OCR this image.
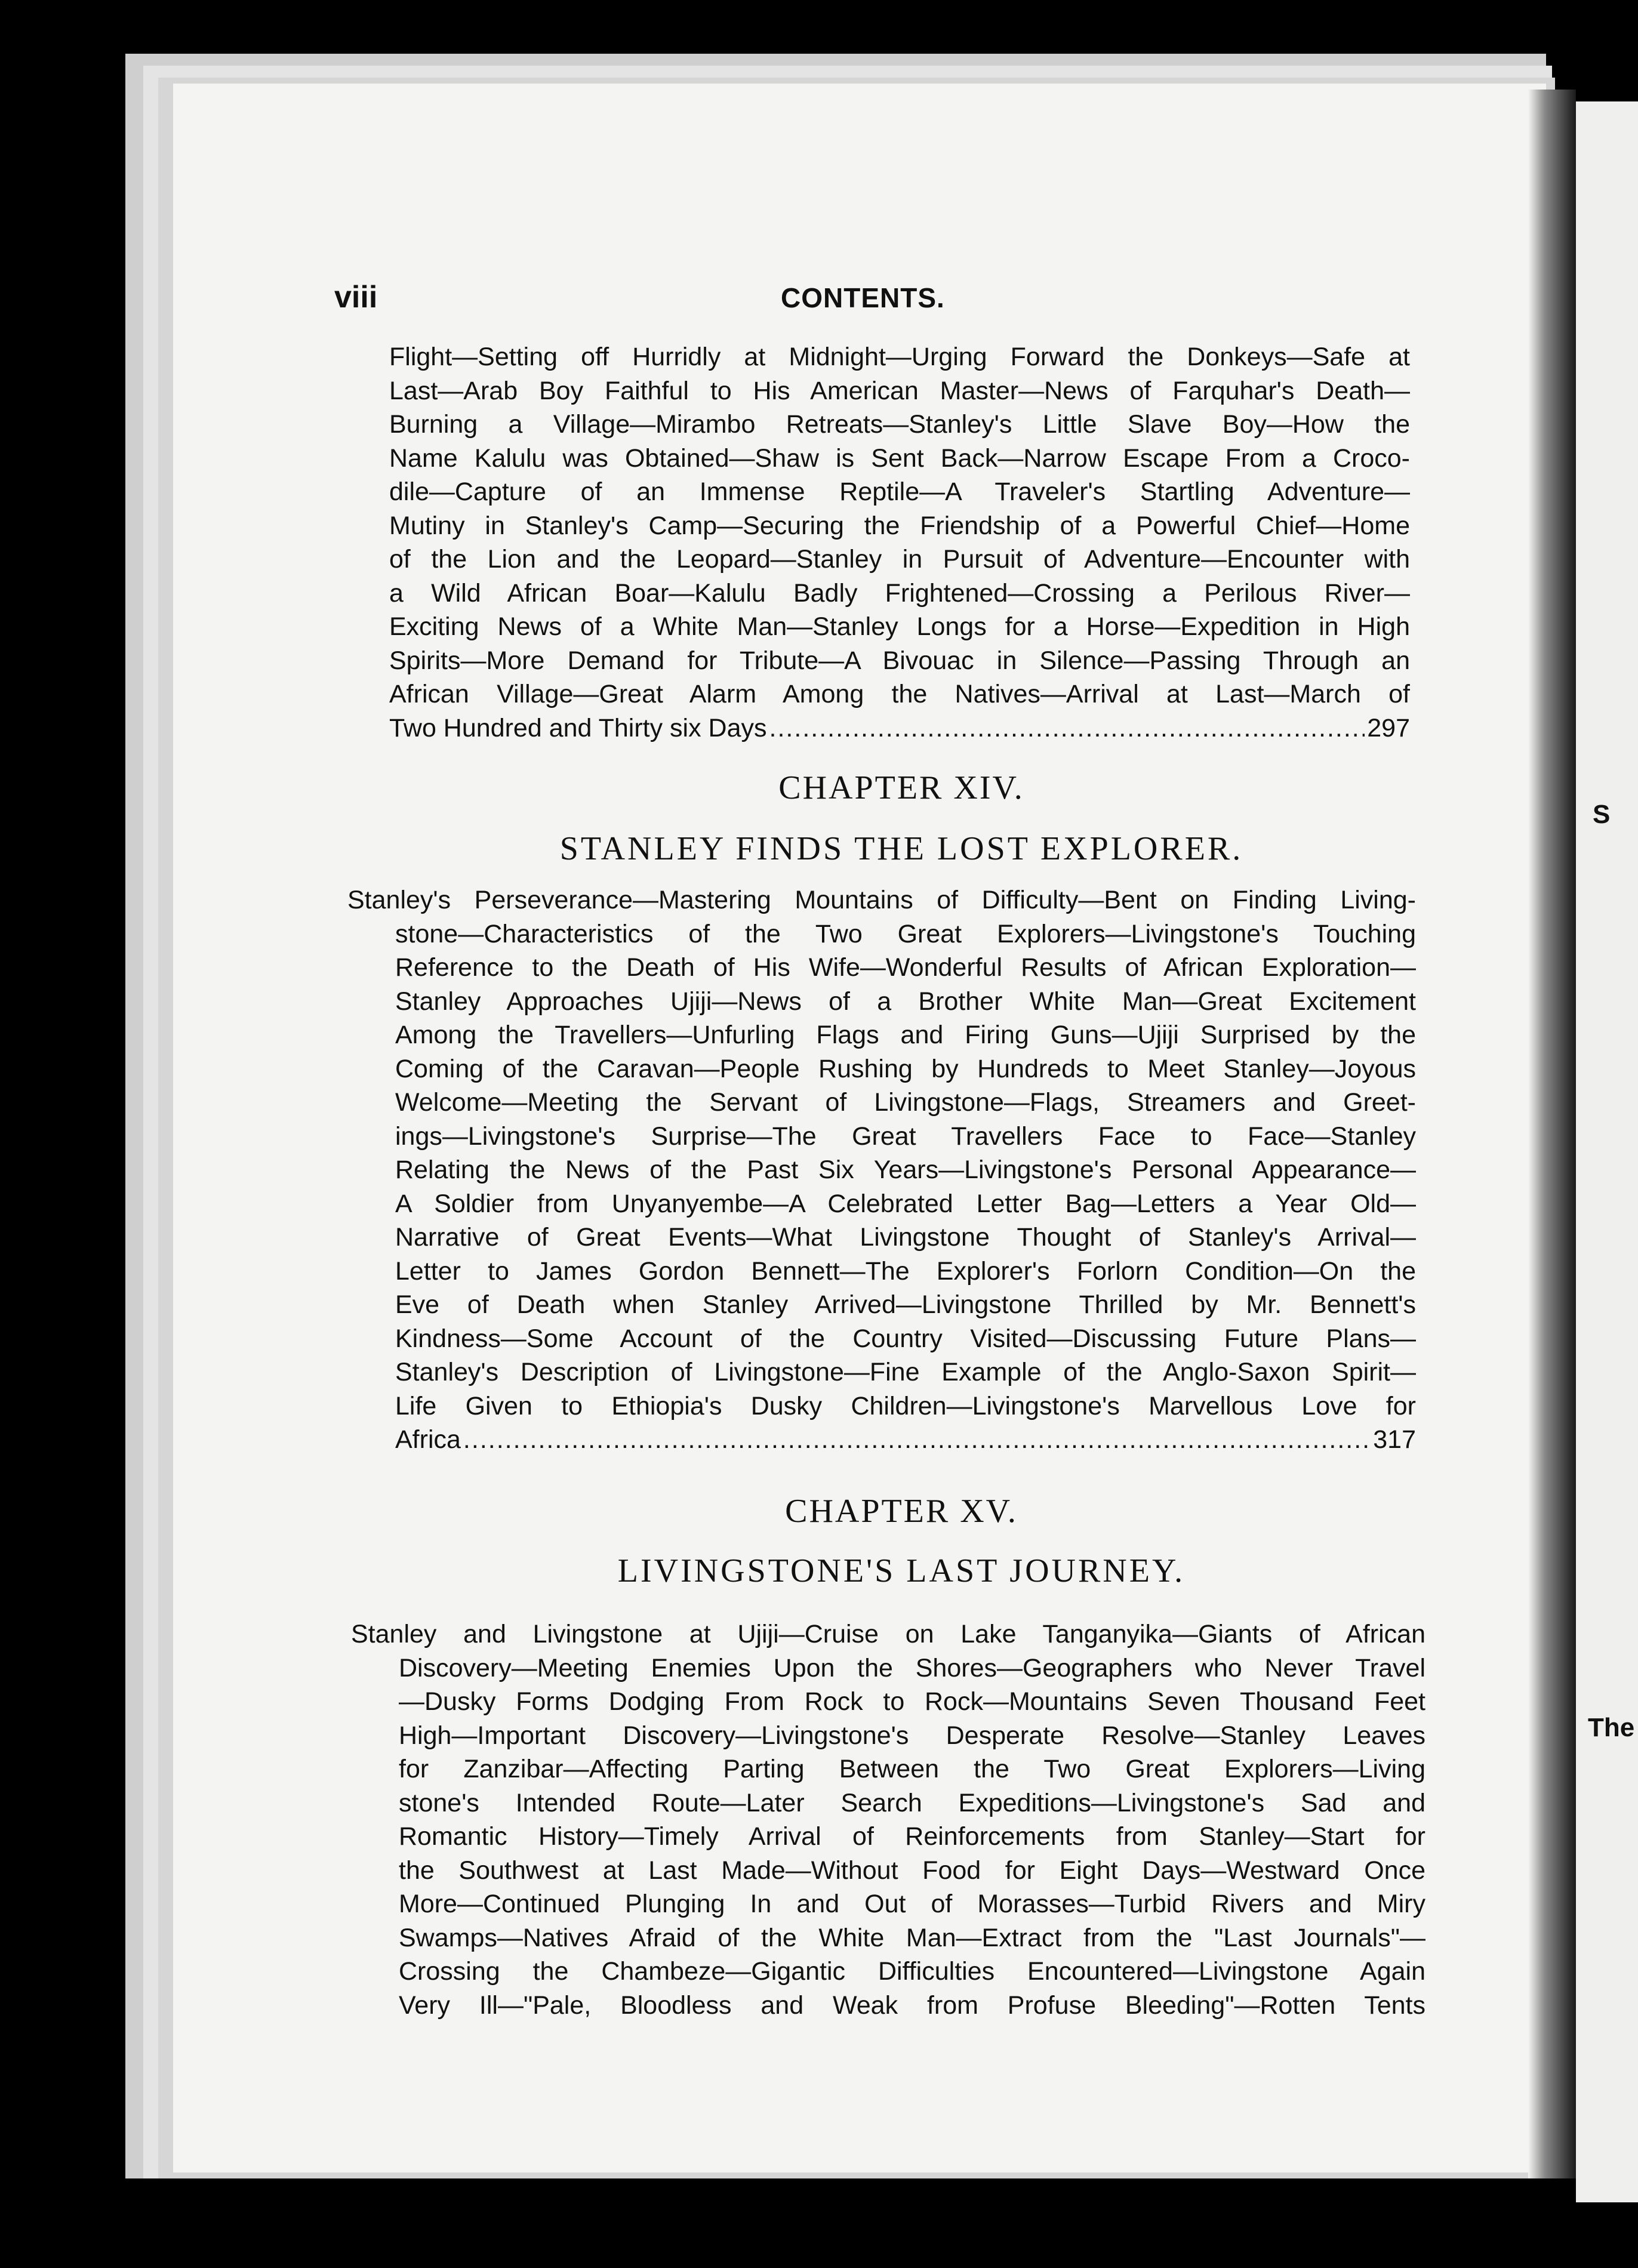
S
The
viii	CONTENTS.
Flight—Setting off Hurridly at Midnight—Urging Forward the Donkeys—Safe at
Last—Arab Boy Faithful to His American Master—News of Farquhar's Death—
Burning a Village—Mirambo Retreats—Stanley's Little Slave Boy—How the
Name Kalulu was Obtained—Shaw is Sent Back—Narrow Escape From a Croco-
dile—Capture of an Immense Reptile—A Traveler's Startling Adventure—
Mutiny in Stanley's Camp—Securing the Friendship of a Powerful Chief—Home
of the Lion and the Leopard—Stanley in Pursuit of Adventure—Encounter with
a Wild African Boar—Kalulu Badly Frightened—Crossing a Perilous River—
Exciting News of a White Man—Stanley Longs for a Horse—Expedition in High
Spirits—More Demand for Tribute—A Bivouac in Silence—Passing Through an
African Village—Great Alarm Among the Natives—Arrival at Last—March of
Two Hundred and Thirty six Days .....	297
CHAPTER XIV.
STANLEY FINDS THE LOST EXPLORER.
Stanley's Perseverance—Mastering Mountains of Difficulty—Bent on Finding Living-
stone—Characteristics of the Two Great Explorers—Livingstone's Touching
Reference to the Death of His Wife—Wonderful Results of African Exploration—
Stanley Approaches Ujiji—News of a Brother White Man—Great Excitement
Among the Travellers—Unfurling Flags and Firing Guns—Ujiji Surprised by the
Coming of the Caravan—People Rushing by Hundreds to Meet Stanley—Joyous
Welcome—Meeting the Servant of Livingstone—Flags, Streamers and Greet-
ings—Livingstone's Surprise—The Great Travellers Face to Face—Stanley
Relating the News of the Past Six Years—Livingstone's Personal Appearance—
A Soldier from Unyanyembe—A Celebrated Letter Bag—Letters a Year Old—
Narrative of Great Events—What Livingstone Thought of Stanley's Arrival—
Letter to James Gordon Bennett—The Explorer's Forlorn Condition—On the
Eve of Death when Stanley Arrived—Livingstone Thrilled by Mr. Bennett's
Kindness—Some Account of the Country Visited—Discussing Future Plans—
Stanley's Description of Livingstone—Fine Example of the Anglo-Saxon Spirit—
Life Given to Ethiopia's Dusky Children—Livingstone's Marvellous Love for
Africa .....	317
CHAPTER XV.
LIVINGSTONE'S LAST JOURNEY.
Stanley and Livingstone at Ujiji—Cruise on Lake Tanganyika—Giants of African
Discovery—Meeting Enemies Upon the Shores—Geographers who Never Travel
—Dusky Forms Dodging From Rock to Rock—Mountains Seven Thousand Feet
High—Important Discovery—Livingstone's Desperate Resolve—Stanley Leaves
for Zanzibar—Affecting Parting Between the Two Great Explorers—Living
stone's Intended Route—Later Search Expeditions—Livingstone's Sad and
Romantic History—Timely Arrival of Reinforcements from Stanley—Start for
the Southwest at Last Made—Without Food for Eight Days—Westward Once
More—Continued Plunging In and Out of Morasses—Turbid Rivers and Miry
Swamps—Natives Afraid of the White Man—Extract from the "Last Journals"—
Crossing the Chambeze—Gigantic Difficulties Encountered—Livingstone Again
Very Ill—"Pale, Bloodless and Weak from Profuse Bleeding"—Rotten Tents
